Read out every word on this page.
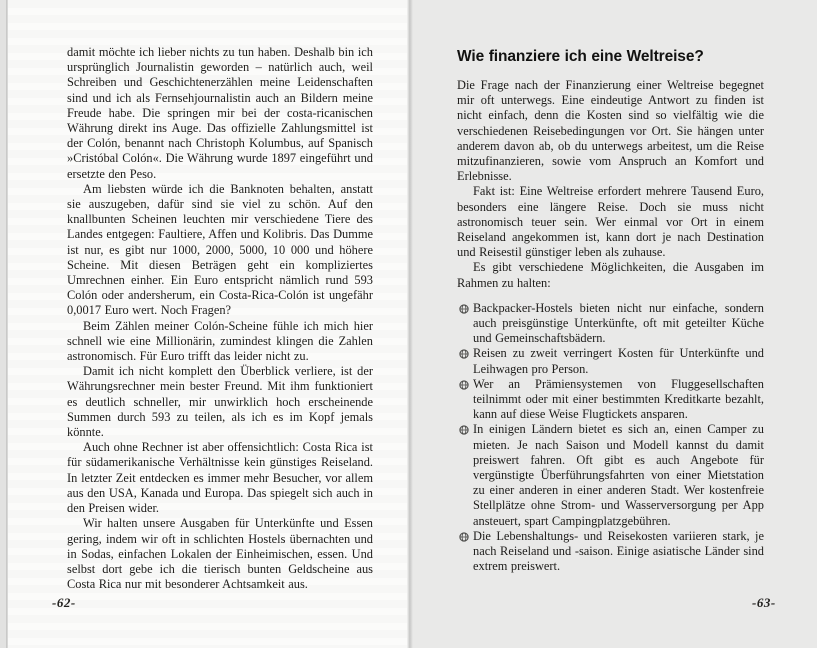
damit möchte ich lieber nichts zu tun haben. Deshalb bin ich ursprünglich Journalistin geworden – natürlich auch, weil Schreiben und Geschichtenerzählen meine Leidenschaften sind und ich als Fernsehjournalistin auch an Bildern meine Freude habe. Die springen mir bei der costa-ricanischen Währung direkt ins Auge. Das offizielle Zahlungsmittel ist der Colón, benannt nach Christoph Kolumbus, auf Spanisch »Cristóbal Colón«. Die Währung wurde 1897 eingeführt und ersetzte den Peso.

Am liebsten würde ich die Banknoten behalten, anstatt sie auszugeben, dafür sind sie viel zu schön. Auf den knallbunten Scheinen leuchten mir verschiedene Tiere des Landes entgegen: Faultiere, Affen und Kolibris. Das Dumme ist nur, es gibt nur 1000, 2000, 5000, 10 000 und höhere Scheine. Mit diesen Beträgen geht ein kompliziertes Umrechnen einher. Ein Euro entspricht nämlich rund 593 Colón oder andersherum, ein Costa-Rica-Colón ist ungefähr 0,0017 Euro wert. Noch Fragen?

Beim Zählen meiner Colón-Scheine fühle ich mich hier schnell wie eine Millionärin, zumindest klingen die Zahlen astronomisch. Für Euro trifft das leider nicht zu.

Damit ich nicht komplett den Überblick verliere, ist der Währungsrechner mein bester Freund. Mit ihm funktioniert es deutlich schneller, mir unwirklich hoch erscheinende Summen durch 593 zu teilen, als ich es im Kopf jemals könnte.

Auch ohne Rechner ist aber offensichtlich: Costa Rica ist für südamerikanische Verhältnisse kein günstiges Reiseland. In letzter Zeit entdecken es immer mehr Besucher, vor allem aus den USA, Kanada und Europa. Das spiegelt sich auch in den Preisen wider.

Wir halten unsere Ausgaben für Unterkünfte und Essen gering, indem wir oft in schlichten Hostels übernachten und in Sodas, einfachen Lokalen der Einheimischen, essen. Und selbst dort gebe ich die tierisch bunten Geldscheine aus Costa Rica nur mit besonderer Achtsamkeit aus.

-62-
Wie finanziere ich eine Weltreise?

Die Frage nach der Finanzierung einer Weltreise begegnet mir oft unterwegs. Eine eindeutige Antwort zu finden ist nicht einfach, denn die Kosten sind so vielfältig wie die verschiedenen Reisebedingungen vor Ort. Sie hängen unter anderem davon ab, ob du unterwegs arbeitest, um die Reise mitzufinanzieren, sowie vom Anspruch an Komfort und Erlebnisse.

Fakt ist: Eine Weltreise erfordert mehrere Tausend Euro, besonders eine längere Reise. Doch sie muss nicht astronomisch teuer sein. Wer einmal vor Ort in einem Reiseland angekommen ist, kann dort je nach Destination und Reisestil günstiger leben als zuhause.

Es gibt verschiedene Möglichkeiten, die Ausgaben im Rahmen zu halten:

Backpacker-Hostels bieten nicht nur einfache, sondern auch preisgünstige Unterkünfte, oft mit geteilter Küche und Gemeinschaftsbädern.
Reisen zu zweit verringert Kosten für Unterkünfte und Leihwagen pro Person.
Wer an Prämiensystemen von Fluggesellschaften teilnimmt oder mit einer bestimmten Kreditkarte bezahlt, kann auf diese Weise Flugtickets ansparen.
In einigen Ländern bietet es sich an, einen Camper zu mieten. Je nach Saison und Modell kannst du damit preiswert fahren. Oft gibt es auch Angebote für vergünstigte Überführungsfahrten von einer Mietstation zu einer anderen in einer anderen Stadt. Wer kostenfreie Stellplätze ohne Strom- und Wasserversorgung per App ansteuert, spart Campingplatzgebühren.
Die Lebenshaltungs- und Reisekosten variieren stark, je nach Reiseland und -saison. Einige asiatische Länder sind extrem preiswert.
-63-
